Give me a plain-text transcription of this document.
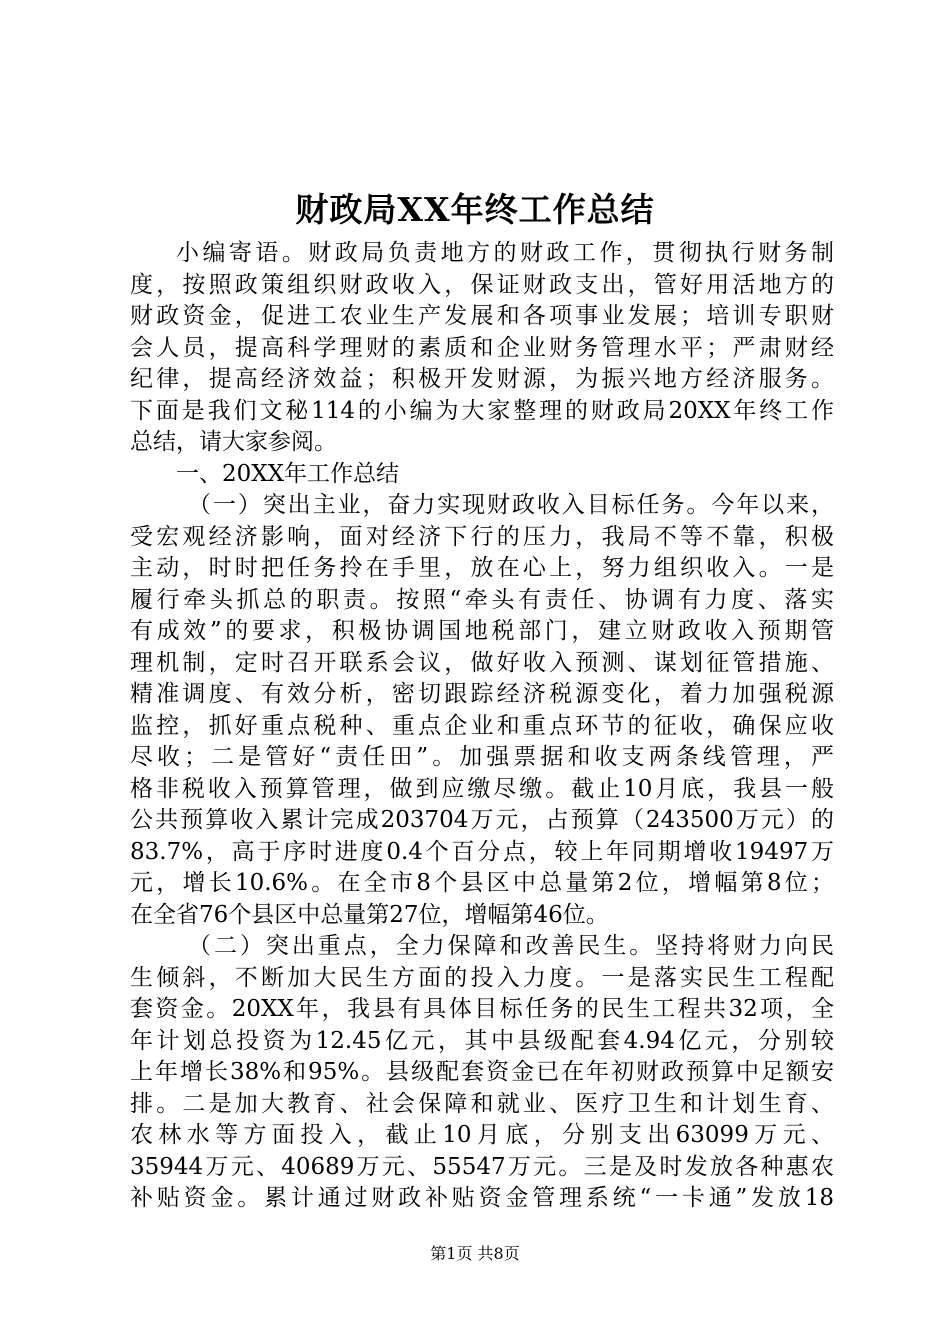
财政局XX年终工作总结
小编寄语。财政局负责地方的财政工作，贯彻执行财务制
度，按照政策组织财政收入，保证财政支出，管好用活地方的
财政资金，促进工农业生产发展和各项事业发展；培训专职财
会人员，提高科学理财的素质和企业财务管理水平；严肃财经
纪律，提高经济效益；积极开发财源，为振兴地方经济服务。
下面是我们文秘114的小编为大家整理的财政局20XX年终工作
总结，请大家参阅。
一、20XX年工作总结
（一）突出主业，奋力实现财政收入目标任务。今年以来，
受宏观经济影响，面对经济下行的压力，我局不等不靠，积极
主动，时时把任务拎在手里，放在心上，努力组织收入。一是
履行牵头抓总的职责。按照“牵头有责任、协调有力度、落实
有成效”的要求，积极协调国地税部门，建立财政收入预期管
理机制，定时召开联系会议，做好收入预测、谋划征管措施、
精准调度、有效分析，密切跟踪经济税源变化，着力加强税源
监控，抓好重点税种、重点企业和重点环节的征收，确保应收
尽收；二是管好“责任田”。加强票据和收支两条线管理，严
格非税收入预算管理，做到应缴尽缴。截止10月底，我县一般
公共预算收入累计完成203704万元，占预算（243500万元）的
83.7%，高于序时进度0.4个百分点，较上年同期增收19497万
元，增长10.6%。在全市8个县区中总量第2位，增幅第8位；
在全省76个县区中总量第27位，增幅第46位。
（二）突出重点，全力保障和改善民生。坚持将财力向民
生倾斜，不断加大民生方面的投入力度。一是落实民生工程配
套资金。20XX年，我县有具体目标任务的民生工程共32项，全
年计划总投资为12.45亿元，其中县级配套4.94亿元，分别较
上年增长38%和95%。县级配套资金已在年初财政预算中足额安
排。二是加大教育、社会保障和就业、医疗卫生和计划生育、
农林水等方面投入，截止10月底，分别支出63099万元、
35944万元、40689万元、55547万元。三是及时发放各种惠农
补贴资金。累计通过财政补贴资金管理系统“一卡通”发放18
第1页 共8页
